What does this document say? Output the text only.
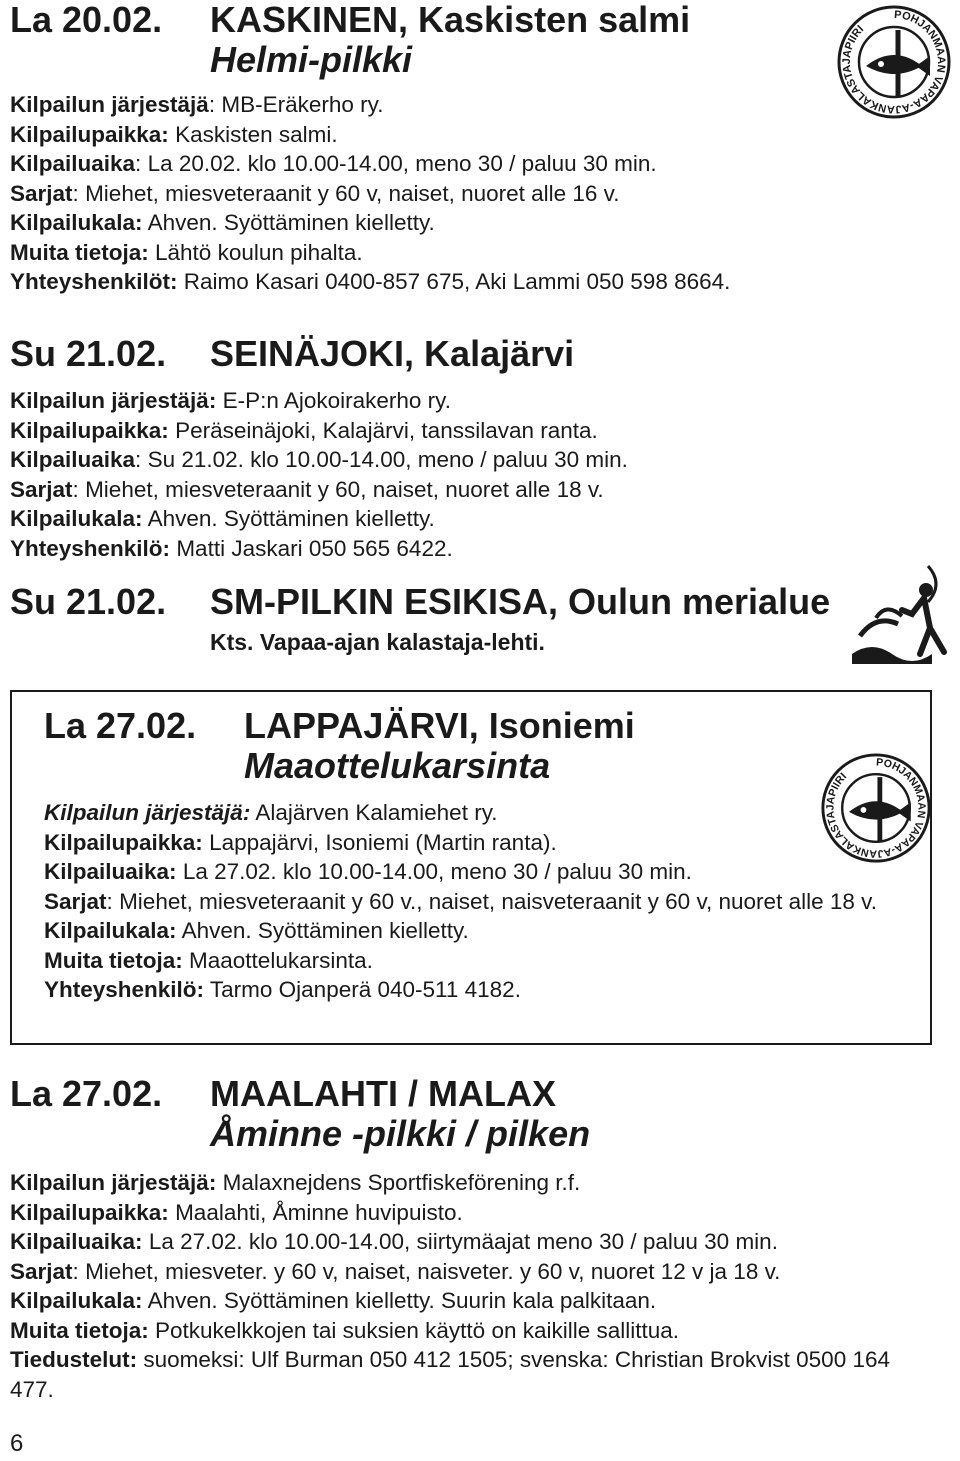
La 20.02.	KASKINEN, Kaskisten salmi
Helmi-pilkki
Kilpailun järjestäjä: MB-Eräkerho ry.
Kilpailupaikka: Kaskisten salmi.
Kilpailuaika: La 20.02. klo 10.00-14.00, meno 30 / paluu 30 min.
Sarjat: Miehet, miesveteraanit y 60 v, naiset, nuoret alle 16 v.
Kilpailukala: Ahven. Syöttäminen kielletty.
Muita tietoja: Lähtö koulun pihalta.
Yhteyshenkilöt: Raimo Kasari 0400-857 675, Aki Lammi 050 598 8664.
POHJANMAAN VAPAA-AJANKALASTAJAPIIRI
Su 21.02.	SEINÄJOKI, Kalajärvi
Kilpailun järjestäjä: E-P:n Ajokoirakerho ry.
Kilpailupaikka: Peräseinäjoki, Kalajärvi, tanssilavan ranta.
Kilpailuaika: Su 21.02. klo 10.00-14.00, meno / paluu 30 min.
Sarjat: Miehet, miesveteraanit y 60, naiset, nuoret alle 18 v.
Kilpailukala: Ahven. Syöttäminen kielletty.
Yhteyshenkilö: Matti Jaskari 050 565 6422.
Su 21.02.	SM-PILKIN ESIKISA, Oulun merialue
Kts. Vapaa-ajan kalastaja-lehti.
La 27.02.	LAPPAJÄRVI, Isoniemi
Maaottelukarsinta
Kilpailun järjestäjä: Alajärven Kalamiehet ry.
Kilpailupaikka: Lappajärvi, Isoniemi (Martin ranta).
Kilpailuaika: La 27.02. klo 10.00-14.00, meno 30 / paluu 30 min.
Sarjat: Miehet, miesveteraanit y 60 v., naiset, naisveteraanit y 60 v, nuoret alle 18 v.
Kilpailukala: Ahven. Syöttäminen kielletty.
Muita tietoja: Maaottelukarsinta.
Yhteyshenkilö: Tarmo Ojanperä 040-511 4182.
POHJANMAAN VAPAA-AJANKALASTAJAPIIRI
La 27.02.	MAALAHTI / MALAX
Åminne -pilkki / pilken
Kilpailun järjestäjä: Malaxnejdens Sportfiskeförening r.f.
Kilpailupaikka: Maalahti, Åminne huvipuisto.
Kilpailuaika: La 27.02. klo 10.00-14.00, siirtymäajat meno 30 / paluu 30 min.
Sarjat: Miehet, miesveter. y 60 v, naiset, naisveter. y 60 v, nuoret 12 v ja 18 v.
Kilpailukala: Ahven. Syöttäminen kielletty. Suurin kala palkitaan.
Muita tietoja: Potkukelkkojen tai suksien käyttö on kaikille sallittua.
Tiedustelut: suomeksi: Ulf Burman 050 412 1505; svenska: Christian Brokvist 0500 164 477.
6
